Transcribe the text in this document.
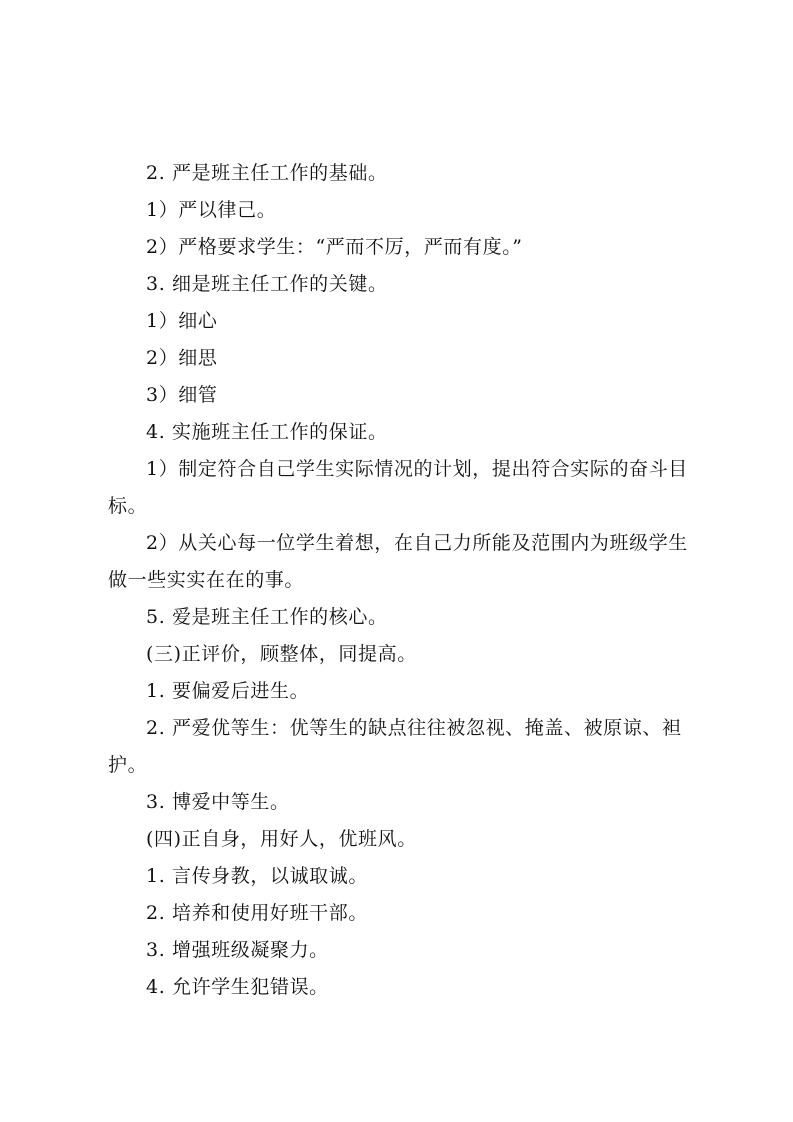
2. 严是班主任工作的基础。

1）严以律己。

2）严格要求学生：“严而不厉，严而有度。”

3. 细是班主任工作的关键。

1）细心

2）细思

3）细管

4. 实施班主任工作的保证。

1）制定符合自己学生实际情况的计划，提出符合实际的奋斗目标。

2）从关心每一位学生着想，在自己力所能及范围内为班级学生做一些实实在在的事。

5. 爱是班主任工作的核心。

(三)正评价，顾整体，同提高。

1. 要偏爱后进生。

2. 严爱优等生：优等生的缺点往往被忽视、掩盖、被原谅、袒护。

3. 博爱中等生。

(四)正自身，用好人，优班风。

1. 言传身教，以诚取诚。

2. 培养和使用好班干部。

3. 增强班级凝聚力。

4. 允许学生犯错误。
